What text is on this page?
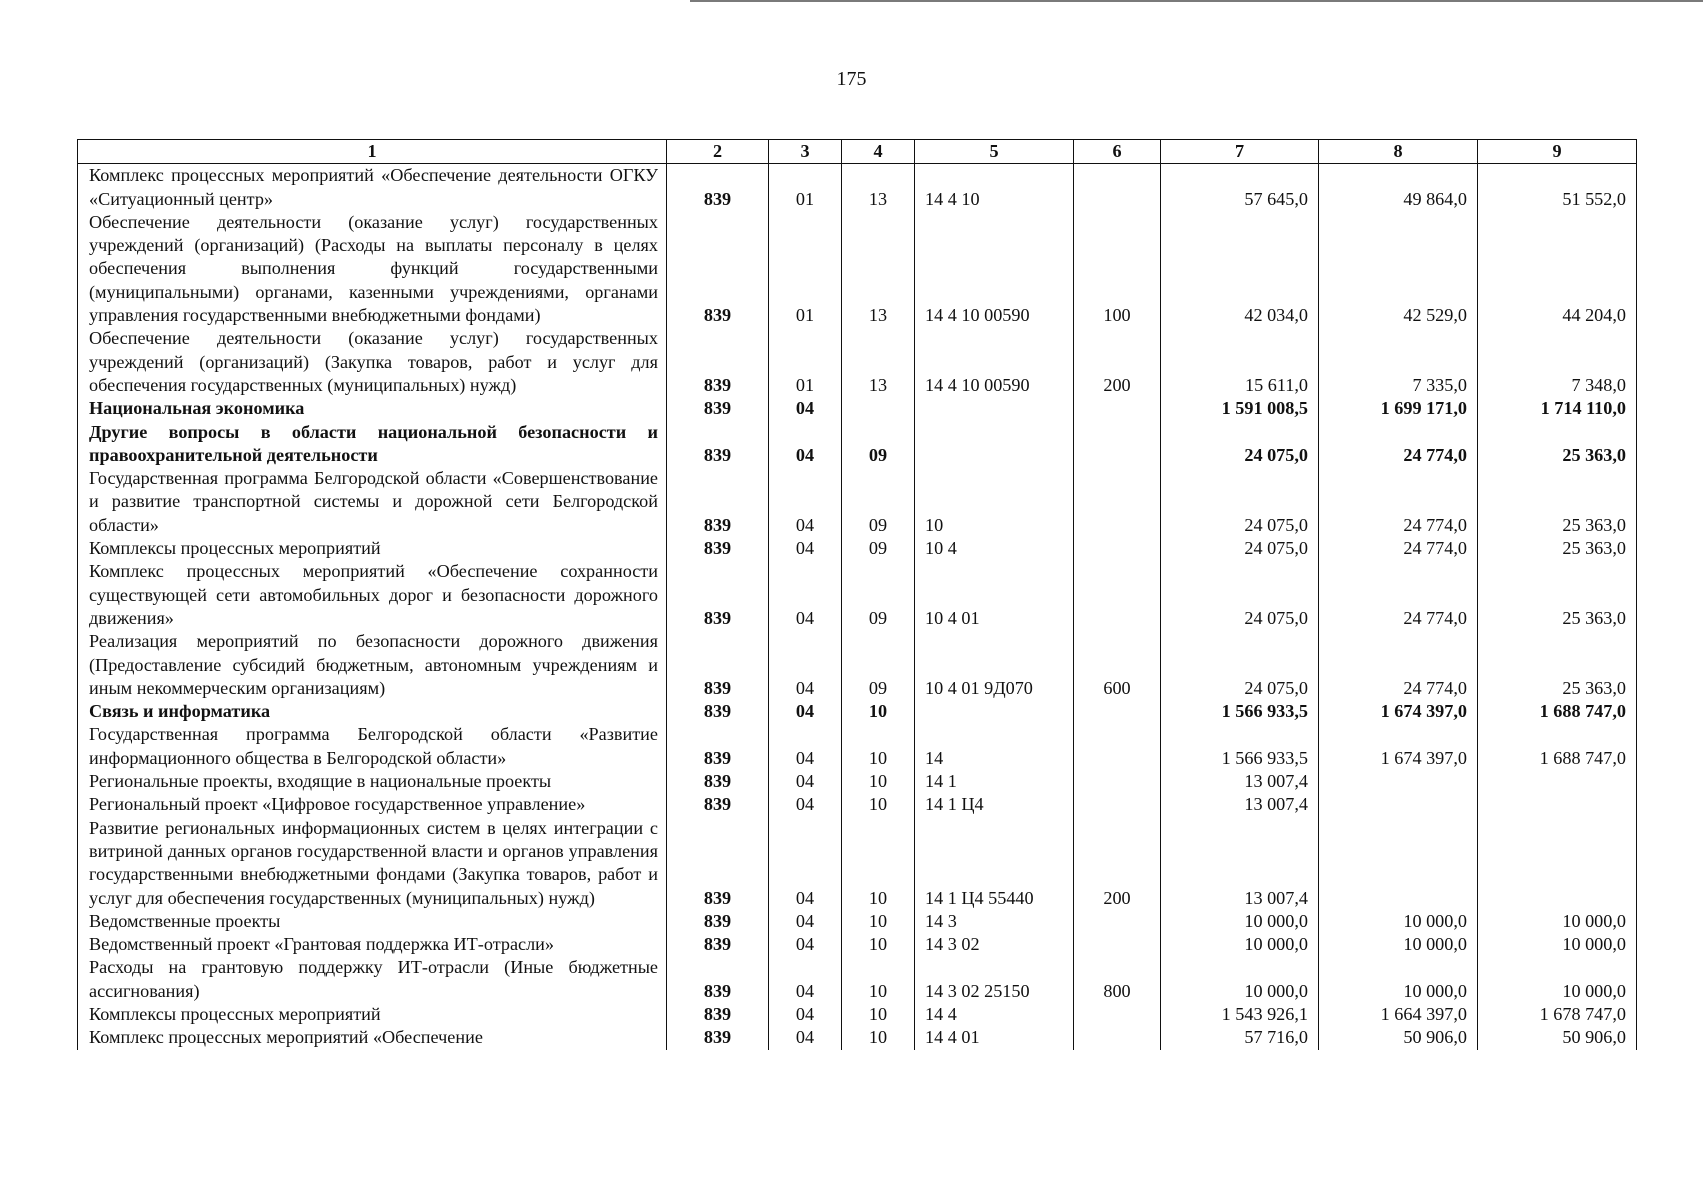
175
1	2	3	4	5	6	7	8	9
Комплекс процессных мероприятий «Обеспечение деятельности ОГКУ «Ситуационный центр»	839	01	13	14 4 10		57 645,0	49 864,0	51 552,0
Обеспечение деятельности (оказание услуг) государственных учреждений (организаций) (Расходы на выплаты персоналу в целях обеспечения выполнения функций государственными (муниципальными) органами, казенными учреждениями, органами управления государственными внебюджетными фондами)	839	01	13	14 4 10 00590	100	42 034,0	42 529,0	44 204,0
Обеспечение деятельности (оказание услуг) государственных учреждений (организаций) (Закупка товаров, работ и услуг для обеспечения государственных (муниципальных) нужд)	839	01	13	14 4 10 00590	200	15 611,0	7 335,0	7 348,0
Национальная экономика	839	04				1 591 008,5	1 699 171,0	1 714 110,0
Другие вопросы в области национальной безопасности и правоохранительной деятельности	839	04	09			24 075,0	24 774,0	25 363,0
Государственная программа Белгородской области «Совершенствование и развитие транспортной системы и дорожной сети Белгородской области»	839	04	09	10		24 075,0	24 774,0	25 363,0
Комплексы процессных мероприятий	839	04	09	10 4		24 075,0	24 774,0	25 363,0
Комплекс процессных мероприятий «Обеспечение сохранности существующей сети автомобильных дорог и безопасности дорожного движения»	839	04	09	10 4 01		24 075,0	24 774,0	25 363,0
Реализация мероприятий по безопасности дорожного движения (Предоставление субсидий бюджетным, автономным учреждениям и иным некоммерческим организациям)	839	04	09	10 4 01 9Д070	600	24 075,0	24 774,0	25 363,0
Связь и информатика	839	04	10			1 566 933,5	1 674 397,0	1 688 747,0
Государственная программа Белгородской области «Развитие информационного общества в Белгородской области»	839	04	10	14		1 566 933,5	1 674 397,0	1 688 747,0
Региональные проекты, входящие в национальные проекты	839	04	10	14 1		13 007,4		
Региональный проект «Цифровое государственное управление»	839	04	10	14 1 Ц4		13 007,4		
Развитие региональных информационных систем в целях интеграции с витриной данных органов государственной власти и органов управления государственными внебюджетными фондами (Закупка товаров, работ и услуг для обеспечения государственных (муниципальных) нужд)	839	04	10	14 1 Ц4 55440	200	13 007,4		
Ведомственные проекты	839	04	10	14 3		10 000,0	10 000,0	10 000,0
Ведомственный проект «Грантовая поддержка ИТ-отрасли»	839	04	10	14 3 02		10 000,0	10 000,0	10 000,0
Расходы на грантовую поддержку ИТ-отрасли (Иные бюджетные ассигнования)	839	04	10	14 3 02 25150	800	10 000,0	10 000,0	10 000,0
Комплексы процессных мероприятий	839	04	10	14 4		1 543 926,1	1 664 397,0	1 678 747,0
Комплекс процессных мероприятий «Обеспечение	839	04	10	14 4 01		57 716,0	50 906,0	50 906,0
